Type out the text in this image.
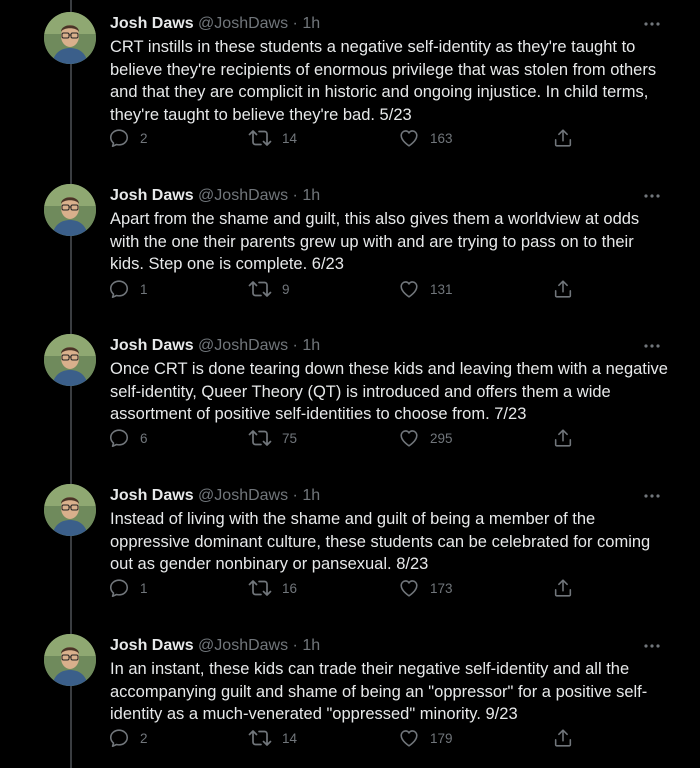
Josh Daws @JoshDaws · 1h

CRT instills in these students a negative self-identity as they're taught to believe they're recipients of enormous privilege that was stolen from others and that they are complicit in historic and ongoing injustice. In child terms, they're taught to believe they're bad. 5/23

2	14	163
Josh Daws @JoshDaws · 1h

Apart from the shame and guilt, this also gives them a worldview at odds with the one their parents grew up with and are trying to pass on to their kids. Step one is complete. 6/23

1	9	131
Josh Daws @JoshDaws · 1h

Once CRT is done tearing down these kids and leaving them with a negative self-identity, Queer Theory (QT) is introduced and offers them a wide assortment of positive self-identities to choose from. 7/23

6	75	295
Josh Daws @JoshDaws · 1h

Instead of living with the shame and guilt of being a member of the oppressive dominant culture, these students can be celebrated for coming out as gender nonbinary or pansexual. 8/23

1	16	173
Josh Daws @JoshDaws · 1h

In an instant, these kids can trade their negative self-identity and all the accompanying guilt and shame of being an "oppressor" for a positive self-identity as a much-venerated "oppressed" minority. 9/23

2	14	179
